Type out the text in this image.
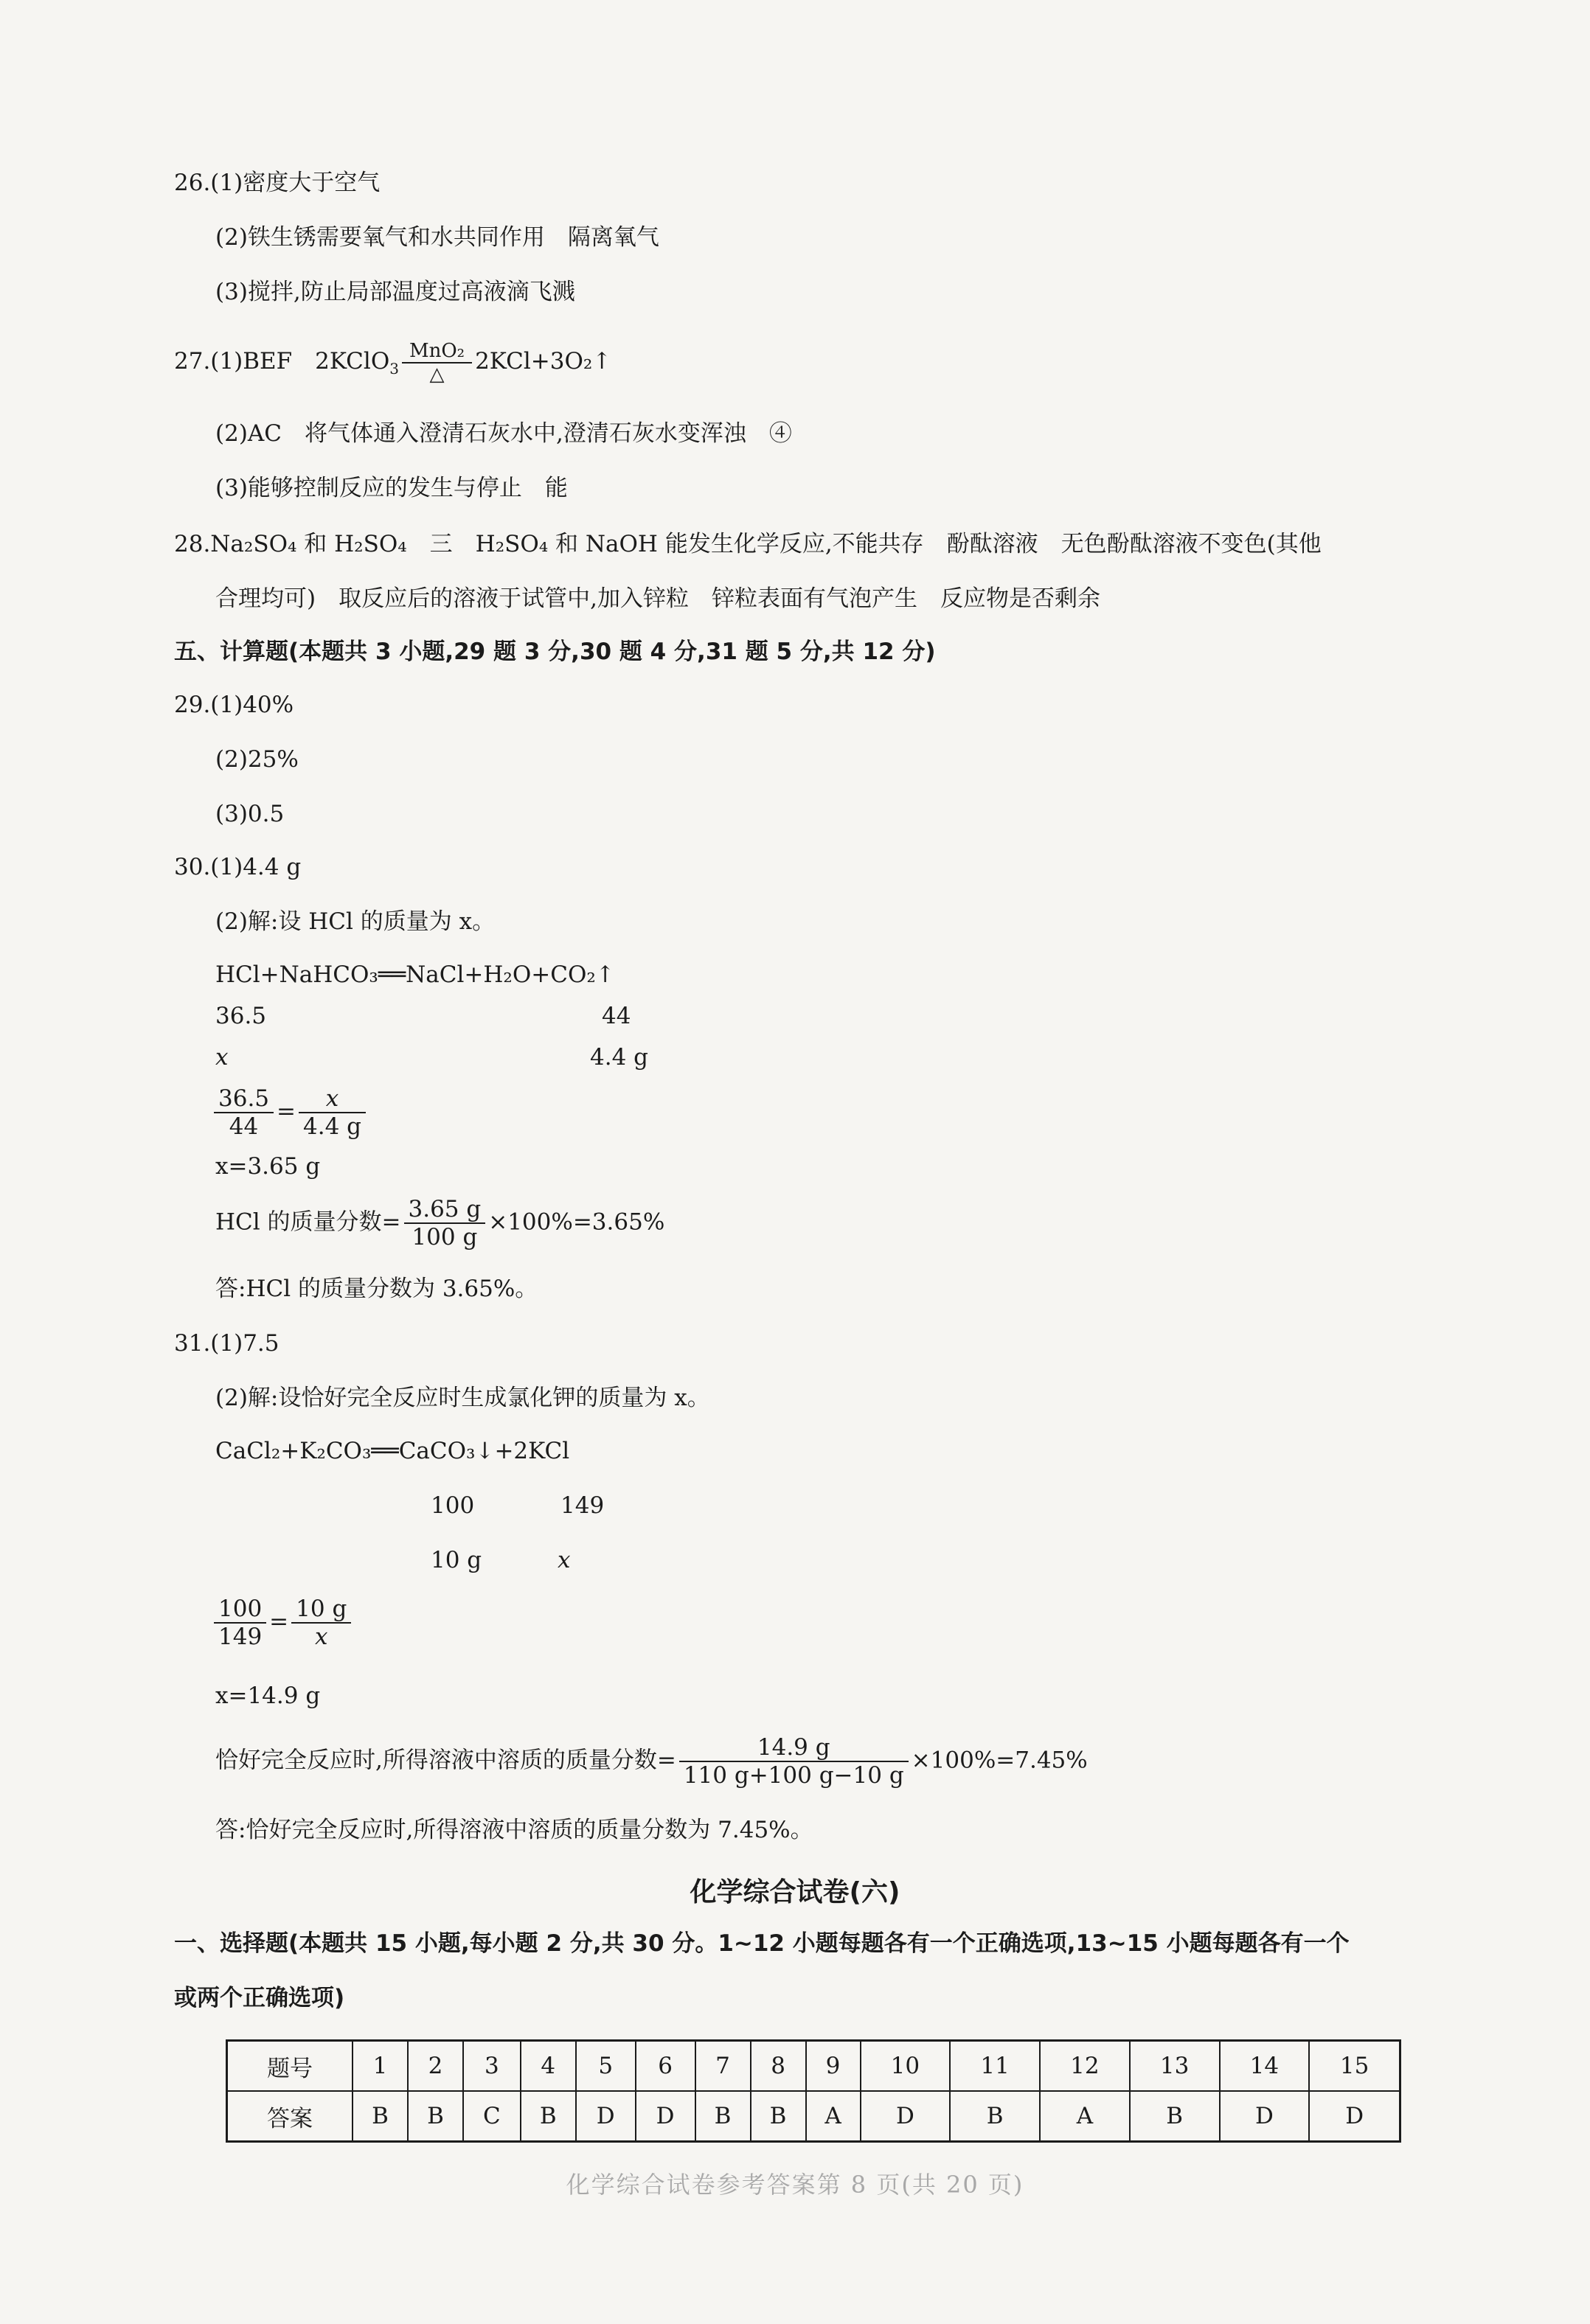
26.(1)密度大于空气
(2)铁生锈需要氧气和水共同作用　隔离氧气
(3)搅拌,防止局部温度过高液滴飞溅
27.(1)BEF　2KClO$_3$
MnO₂
△	2KCl+3O₂↑
(2)AC　将气体通入澄清石灰水中,澄清石灰水变浑浊　④
(3)能够控制反应的发生与停止　能
28.Na₂SO₄ 和 H₂SO₄　三　H₂SO₄ 和 NaOH 能发生化学反应,不能共存　酚酞溶液　无色酚酞溶液不变色(其他
合理均可)　取反应后的溶液于试管中,加入锌粒　锌粒表面有气泡产生　反应物是否剩余
五、计算题(本题共 3 小题,29 题 3 分,30 题 4 分,31 题 5 分,共 12 分)
29.(1)40%
(2)25%
(3)0.5
30.(1)4.4 g
(2)解:设 HCl 的质量为 x。
HCl+NaHCO₃══NaCl+H₂O+CO₂↑
36.5	44
x	4.4 g
$\frac{36.5}{44} = \frac{x}{4.4 g}$
x=3.65 g
HCl 的质量分数= $\frac{3.65 g}{100 g} \times 100\%=3.65\%$
答:HCl 的质量分数为 3.65%。
31.(1)7.5
(2)解:设恰好完全反应时生成氯化钾的质量为 x。
CaCl₂+K₂CO₃══CaCO₃↓+2KCl
100	149
10 g	x
$\frac{100}{149} = \frac{10 g}{x}$
x=14.9 g
恰好完全反应时,所得溶液中溶质的质量分数= $\frac{14.9 g}{110 g+100 g-10 g} \times 100\%=7.45\%$
答:恰好完全反应时,所得溶液中溶质的质量分数为 7.45%。
化学综合试卷(六)
一、选择题(本题共 15 小题,每小题 2 分,共 30 分。1~12 小题每题各有一个正确选项,13~15 小题每题各有一个
或两个正确选项)
题号	1	2	3	4	5	6	7	8	9	10	11	12	13	14	15
答案	B	B	C	B	D	D	B	B	A	D	B	A	B	D	D
化学综合试卷参考答案第 8 页(共 20 页)
